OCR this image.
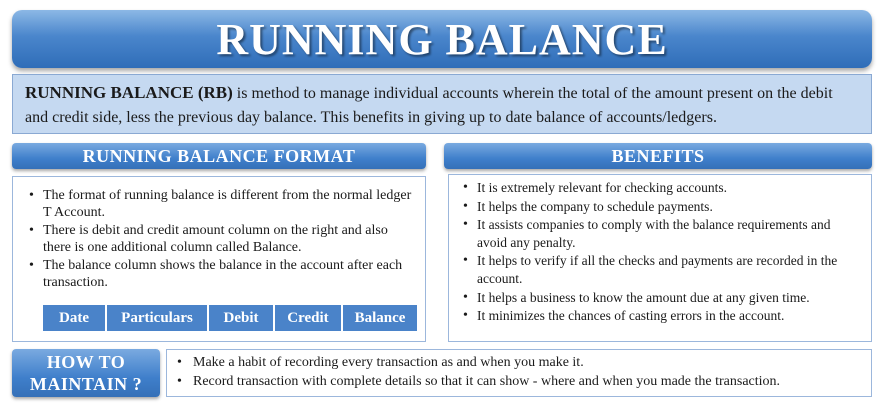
RUNNING BALANCE
RUNNING BALANCE (RB) is method to manage individual accounts wherein the total of the amount present on the debit and credit side, less the previous day balance. This benefits in giving up to date balance of accounts/ledgers.
RUNNING BALANCE FORMAT	BENEFITS
• The format of running balance is different from the normal ledger T Account.
• There is debit and credit amount column on the right and also there is one additional column called Balance.
• The balance column shows the balance in the account after each transaction.
Date	Particulars	Debit	Credit	Balance
• It is extremely relevant for checking accounts.
• It helps the company to schedule payments.
• It assists companies to comply with the balance requirements and avoid any penalty.
• It helps to verify if all the checks and payments are recorded in the account.
• It helps a business to know the amount due at any given time.
• It minimizes the chances of casting errors in the account.
HOW TO
MAINTAIN ?
• Make a habit of recording every transaction as and when you make it.
• Record transaction with complete details so that it can show - where and when you made the transaction.
